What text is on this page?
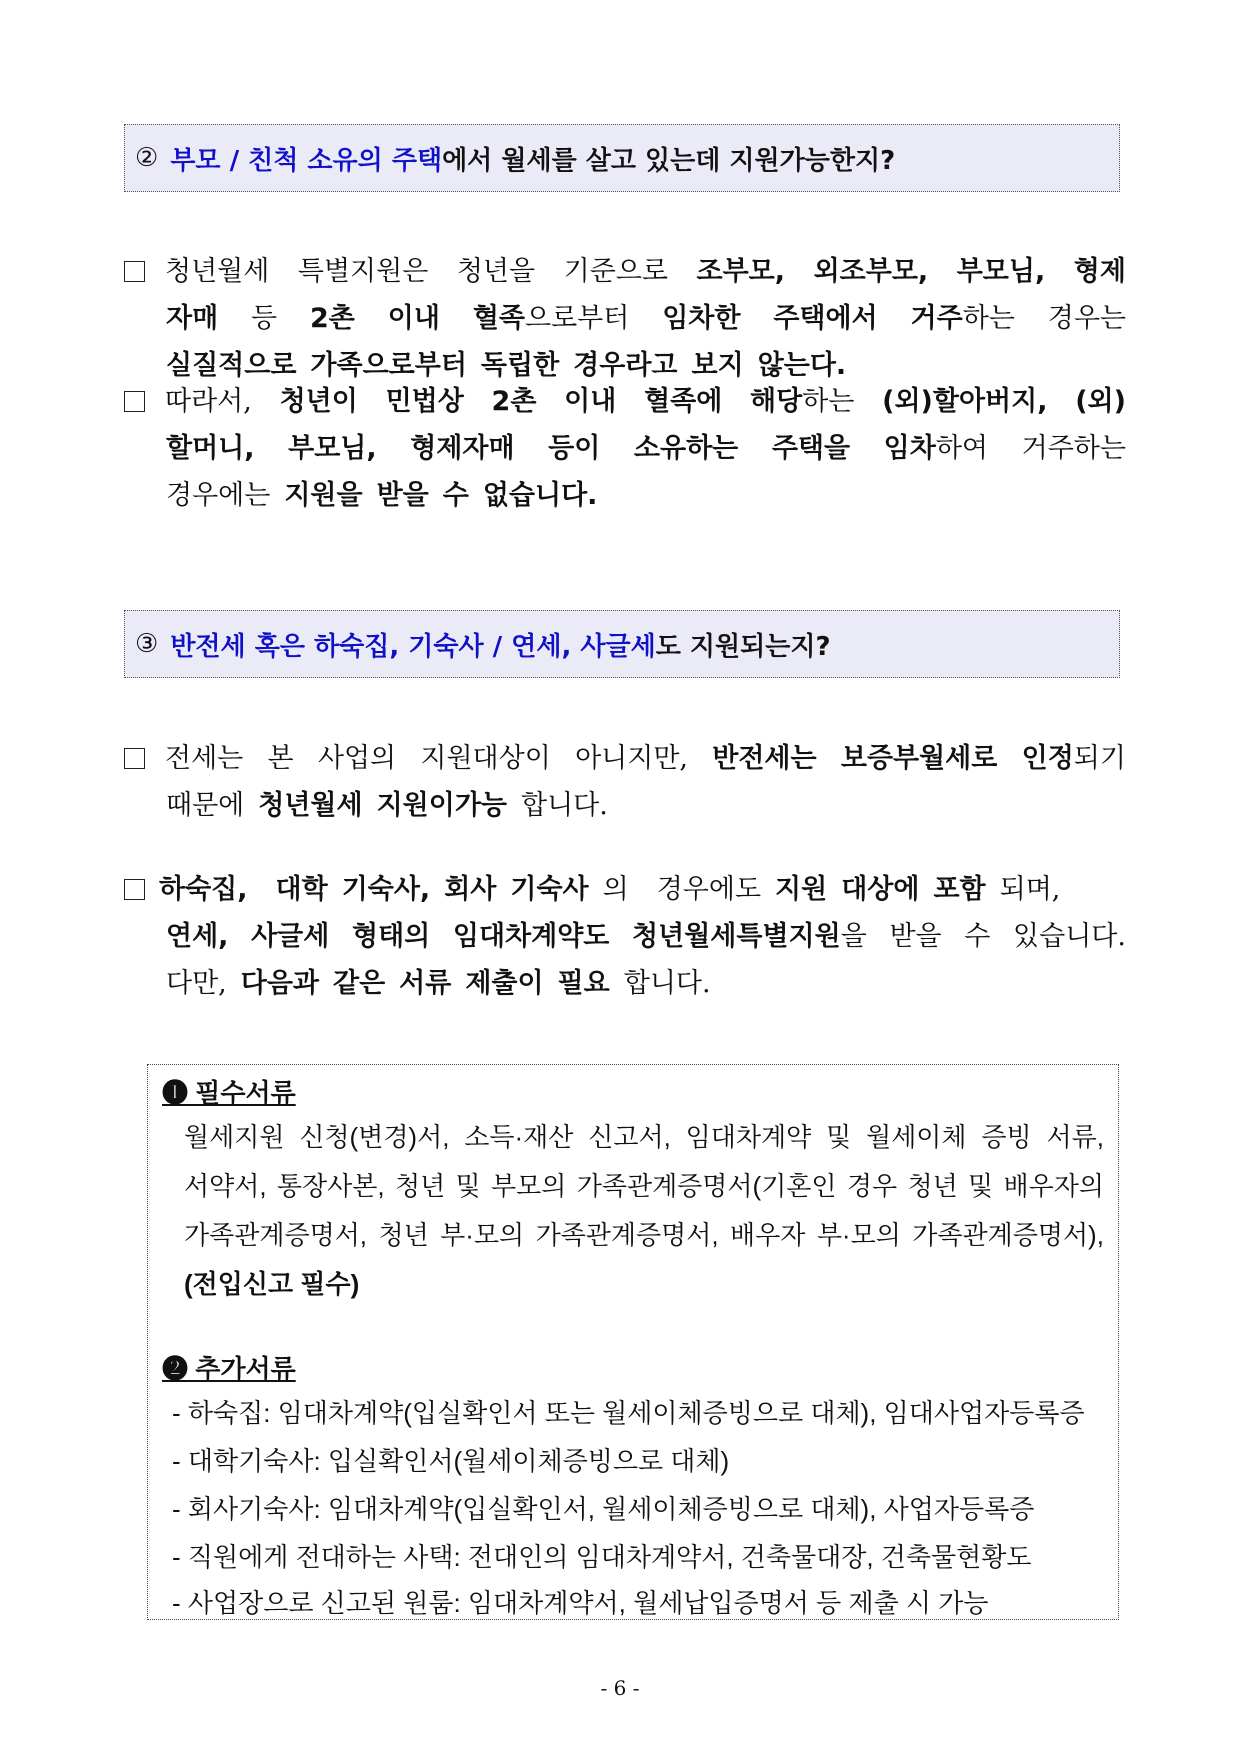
② 부모 / 친척 소유의 주택 에서 월세를 살고 있는데 지원가능한지?
청년월세 특별지원은 청년을 기준으로 조부모, 외조부모, 부모님, 형제
자매 등 2촌 이내 혈족으로부터 임차한 주택에서 거주하는 경우는
실질적으로 가족으로부터 독립한 경우라고 보지 않는다.
따라서, 청년이 민법상 2촌 이내 혈족에 해당하는 (외)할아버지, (외)
할머니, 부모님, 형제자매 등이 소유하는 주택을 임차하여 거주하는
경우에는 지원을 받을 수 없습니다.
③ 반전세 혹은 하숙집, 기숙사 / 연세, 사글세 도 지원되는지?
전세는 본 사업의 지원대상이 아니지만, 반전세는 보증부월세로 인정되기
때문에 청년월세 지원이 가능 합니다.
하숙집,	대학 기숙사, 회사 기숙사 의	경우에도 지원 대상에 포함 되며,
연세, 사글세 형태의 임대차계약도 청년월세특별지원을 받을 수 있습니다.
다만, 다음과 같은 서류 제출이 필요 합니다.
❶ 필수서류
월세지원 신청(변경)서, 소득·재산 신고서, 임대차계약 및 월세이체 증빙 서류,
서약서, 통장사본, 청년 및 부모의 가족관계증명서(기혼인 경우 청년 및 배우자의
가족관계증명서, 청년 부·모의 가족관계증명서, 배우자 부·모의 가족관계증명서),
(전입신고 필수)
❷ 추가서류
- 하숙집: 임대차계약(입실확인서 또는 월세이체증빙으로 대체), 임대사업자등록증
- 대학기숙사: 입실확인서(월세이체증빙으로 대체)
- 회사기숙사: 임대차계약(입실확인서, 월세이체증빙으로 대체), 사업자등록증
- 직원에게 전대하는 사택: 전대인의 임대차계약서, 건축물대장, 건축물현황도
- 사업장으로 신고된 원룸: 임대차계약서, 월세납입증명서 등 제출 시 가능
- 6 -
